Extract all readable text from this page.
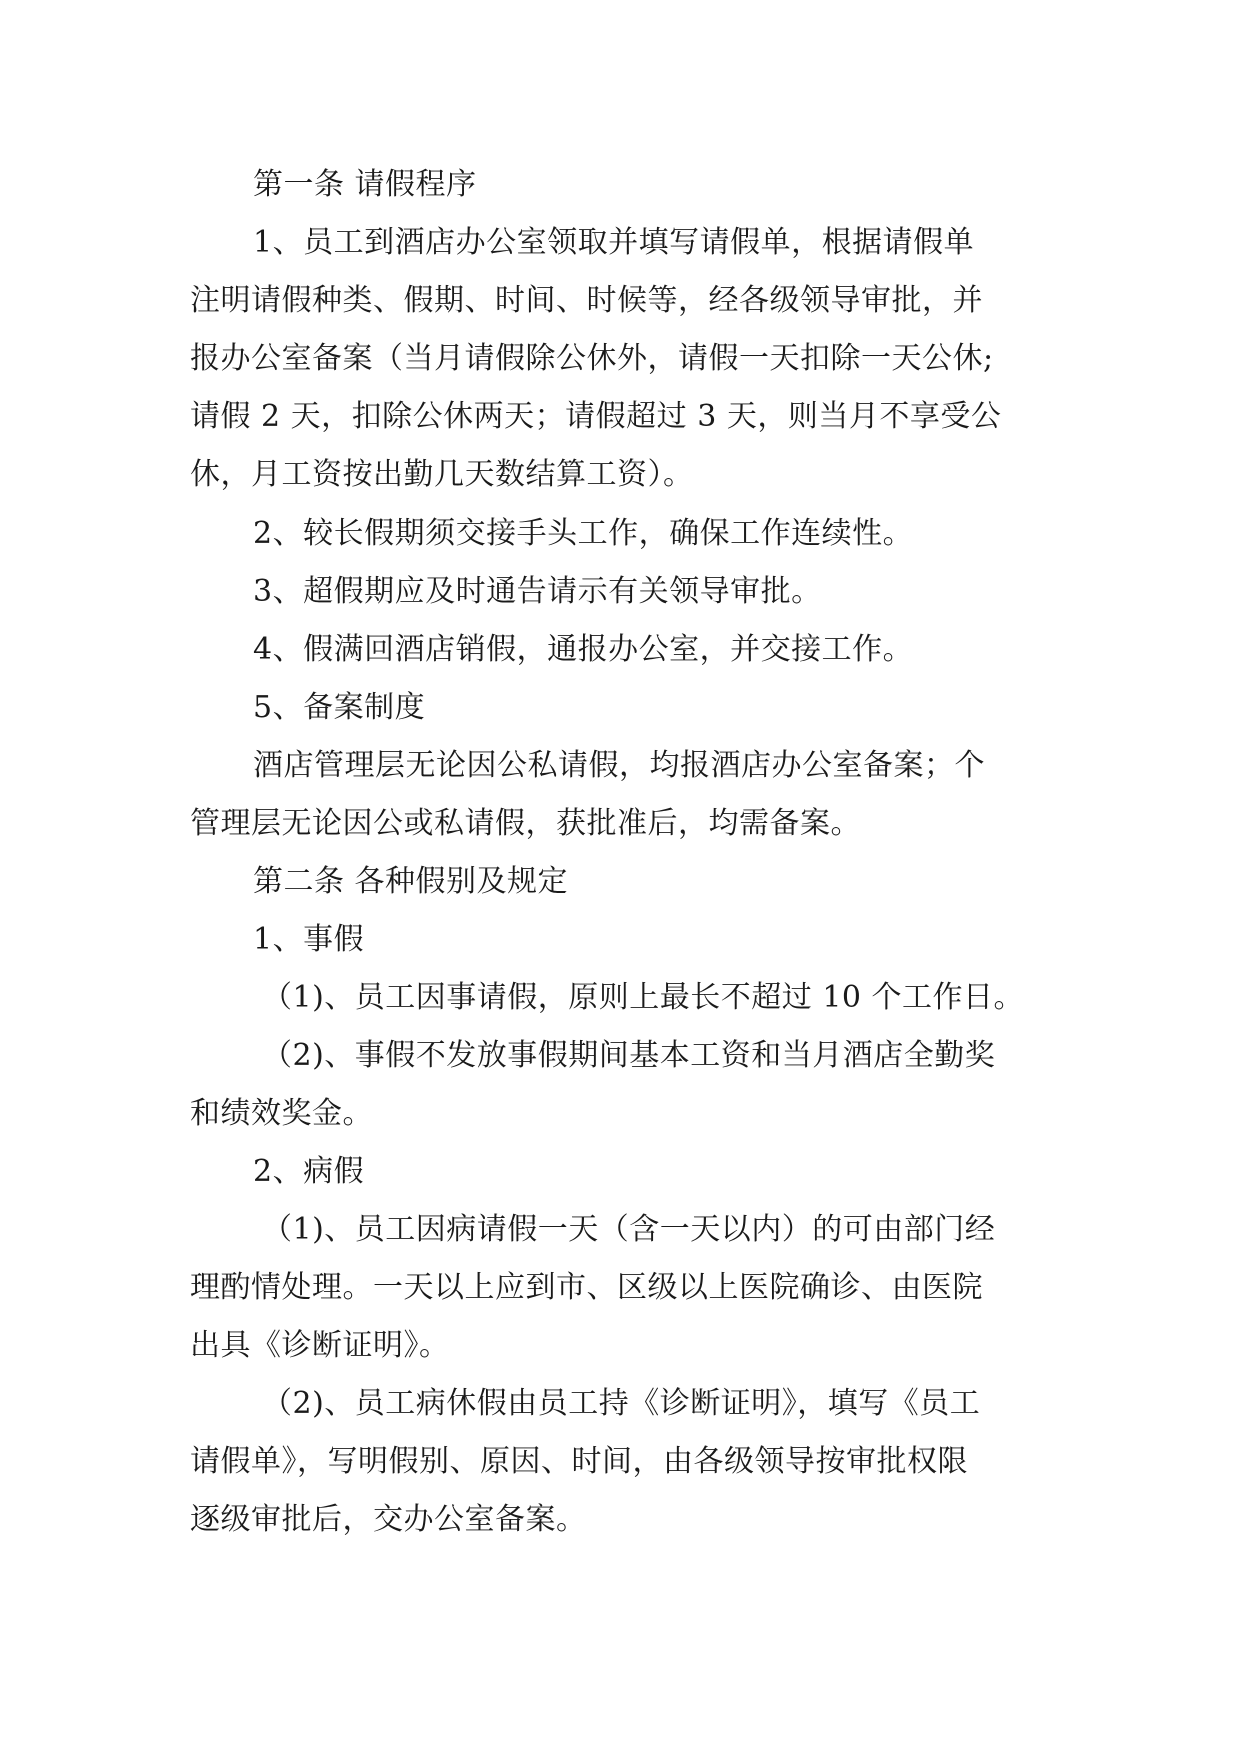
第一条 请假程序
1、员工到酒店办公室领取并填写请假单，根据请假单
注明请假种类、假期、时间、时候等，经各级领导审批，并
报办公室备案（当月请假除公休外，请假一天扣除一天公休;
请假 2 天，扣除公休两天；请假超过 3 天，则当月不享受公
休，月工资按出勤几天数结算工资）。
2、较长假期须交接手头工作，确保工作连续性。
3、超假期应及时通告请示有关领导审批。
4、假满回酒店销假，通报办公室，并交接工作。
5、备案制度
酒店管理层无论因公私请假，均报酒店办公室备案；个
管理层无论因公或私请假，获批准后，均需备案。
第二条 各种假别及规定
1、事假
（1)、员工因事请假，原则上最长不超过 10 个工作日。
（2)、事假不发放事假期间基本工资和当月酒店全勤奖
和绩效奖金。
2、病假
（1)、员工因病请假一天（含一天以内）的可由部门经
理酌情处理。一天以上应到市、区级以上医院确诊、由医院
出具《诊断证明》。
（2)、员工病休假由员工持《诊断证明》，填写《员工
请假单》，写明假别、原因、时间，由各级领导按审批权限
逐级审批后，交办公室备案。
